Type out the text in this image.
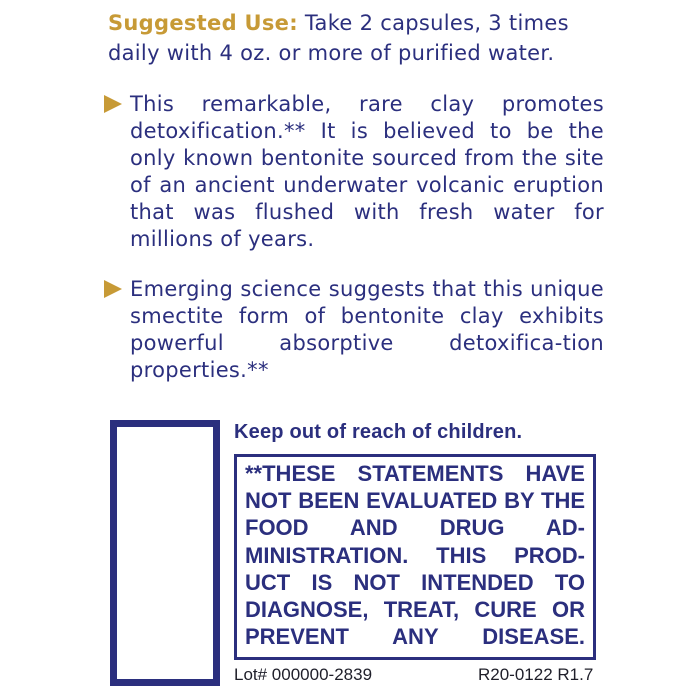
Suggested Use: Take 2 capsules, 3 times daily with 4 oz. or more of purified water.
This remarkable, rare clay promotes detoxification.** It is believed to be the only known bentonite sourced from the site of an ancient underwater volcanic eruption that was flushed with fresh water for millions of years.
Emerging science suggests that this unique smectite form of bentonite clay exhibits powerful absorptive detoxifica-tion properties.**
Keep out of reach of children.
**THESE STATEMENTS HAVE NOT BEEN EVALUATED BY THE FOOD AND DRUG AD-MINISTRATION. THIS PROD-UCT IS NOT INTENDED TO DIAGNOSE, TREAT, CURE OR PREVENT ANY DISEASE.
Lot# 000000-2839	R20-0122 R1.7
